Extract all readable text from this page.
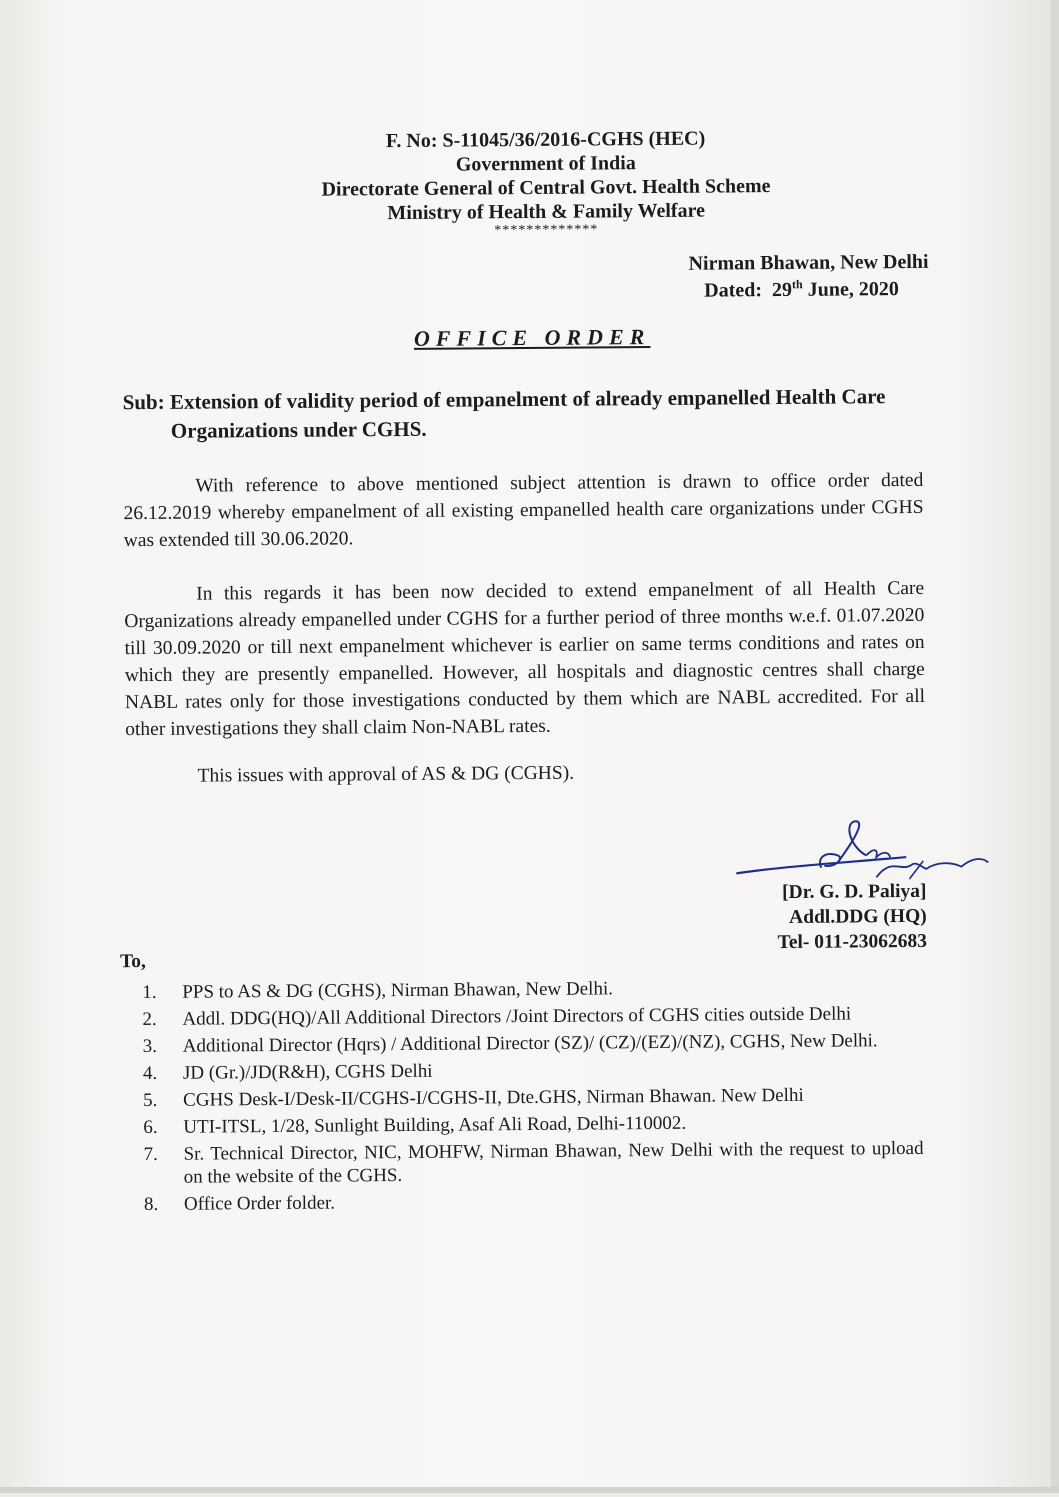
F. No: S-11045/36/2016-CGHS (HEC)
Government of India
Directorate General of Central Govt. Health Scheme
Ministry of Health & Family Welfare
*************
Nirman Bhawan, New Delhi
Dated: 29th June, 2020
OFFICE ORDER
Sub: Extension of validity period of empanelment of already empanelled Health Care
Organizations under CGHS.
With reference to above mentioned subject attention is drawn to office order dated 26.12.2019 whereby empanelment of all existing empanelled health care organizations under CGHS was extended till 30.06.2020.
In this regards it has been now decided to extend empanelment of all Health Care Organizations already empanelled under CGHS for a further period of three months w.e.f. 01.07.2020 till 30.09.2020 or till next empanelment whichever is earlier on same terms conditions and rates on which they are presently empanelled. However, all hospitals and diagnostic centres shall charge NABL rates only for those investigations conducted by them which are NABL accredited. For all other investigations they shall claim Non-NABL rates.
This issues with approval of AS & DG (CGHS).
[Dr. G. D. Paliya]
Addl.DDG (HQ)
Tel- 011-23062683
To,
1.	PPS to AS & DG (CGHS), Nirman Bhawan, New Delhi.
2.	Addl. DDG(HQ)/All Additional Directors /Joint Directors of CGHS cities outside Delhi
3.	Additional Director (Hqrs) / Additional Director (SZ)/ (CZ)/(EZ)/(NZ), CGHS, New Delhi.
4.	JD (Gr.)/JD(R&H), CGHS Delhi
5.	CGHS Desk-I/Desk-II/CGHS-I/CGHS-II, Dte.GHS, Nirman Bhawan. New Delhi
6.	UTI-ITSL, 1/28, Sunlight Building, Asaf Ali Road, Delhi-110002.
7.	Sr. Technical Director, NIC, MOHFW, Nirman Bhawan, New Delhi with the request to upload on the website of the CGHS.
8.	Office Order folder.
